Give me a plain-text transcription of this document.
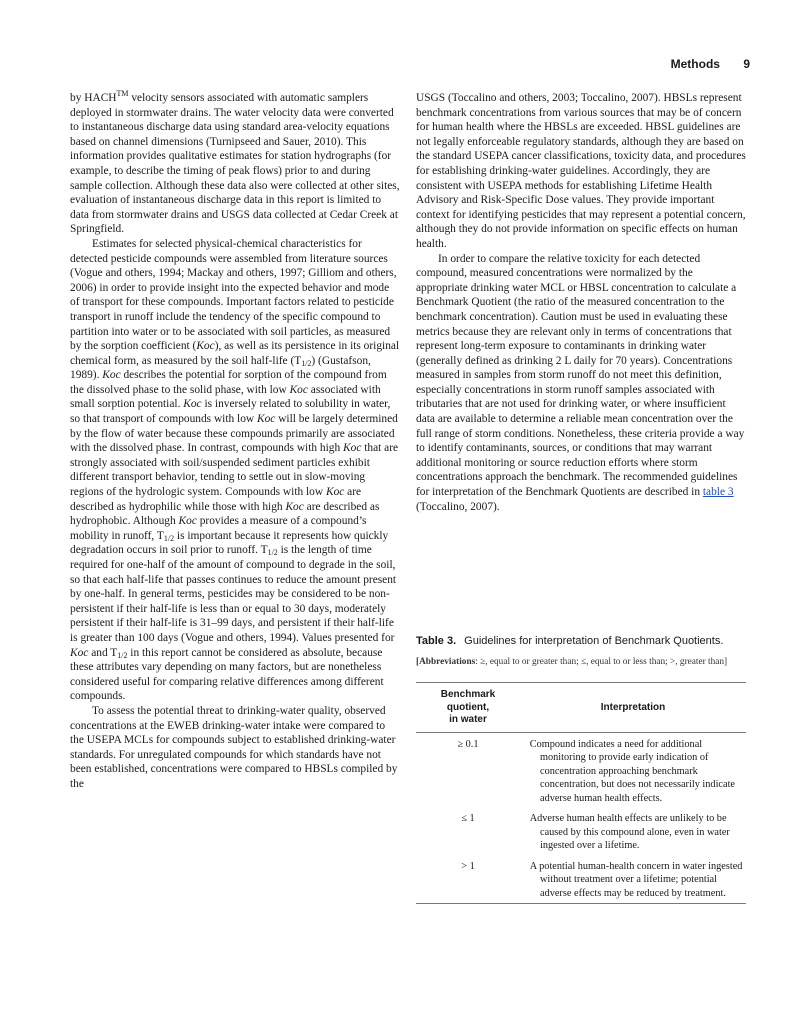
Methods 9

by HACH™ velocity sensors associated with automatic samplers deployed in stormwater drains. The water velocity data were converted to instantaneous discharge data using standard area-velocity equations based on channel dimensions (Turnipseed and Sauer, 2010). This information provides qualitative estimates for station hydrographs (for example, to describe the timing of peak flows) prior to and during sample collection. Although these data also were collected at other sites, evaluation of instantaneous discharge data in this report is limited to data from stormwater drains and USGS data collected at Cedar Creek at Springfield.

Estimates for selected physical-chemical characteristics for detected pesticide compounds were assembled from literature sources (Vogue and others, 1994; Mackay and others, 1997; Gilliom and others, 2006) in order to provide insight into the expected behavior and mode of transport for these compounds. Important factors related to pesticide transport in runoff include the tendency of the specific compound to partition into water or to be associated with soil particles, as measured by the sorption coefficient (Koc), as well as its persistence in its original chemical form, as measured by the soil half-life $(T_{1/2})$ (Gustafson, 1989). Koc describes the potential for sorption of the compound from the dissolved phase to the solid phase, with low Koc associated with small sorption potential. Koc is inversely related to solubility in water, so that transport of compounds with low Koc will be largely determined by the flow of water because these compounds primarily are associated with the dissolved phase. In contrast, compounds with high Koc that are strongly associated with soil/suspended sediment particles exhibit different transport behavior, tending to settle out in slow-moving regions of the hydrologic system. Compounds with low Koc are described as hydrophilic while those with high Koc are described as hydrophobic. Although Koc provides a measure of a compound’s mobility in runoff, $T_{1/2}$ is important because it represents how quickly degradation occurs in soil prior to runoff. $T_{1/2}$ is the length of time required for one-half of the amount of compound to degrade in the soil, so that each half-life that passes continues to reduce the amount present by one-half. In general terms, pesticides may be considered to be non-persistent if their half-life is less than or equal to 30 days, moderately persistent if their half-life is 31–99 days, and persistent if their half-life is greater than 100 days (Vogue and others, 1994). Values presented for Koc and $T_{1/2}$ in this report cannot be considered as absolute, because these attributes vary depending on many factors, but are nonetheless considered useful for comparing relative differences among different compounds.

To assess the potential threat to drinking-water quality, observed concentrations at the EWEB drinking-water intake were compared to the USEPA MCLs for compounds subject to established drinking-water standards. For unregulated compounds for which standards have not been established, concentrations were compared to HBSLs compiled by the

USGS (Toccalino and others, 2003; Toccalino, 2007). HBSLs represent benchmark concentrations from various sources that may be of concern for human health where the HBSLs are exceeded. HBSL guidelines are not legally enforceable regulatory standards, although they are based on the standard USEPA cancer classifications, toxicity data, and procedures for establishing drinking-water guidelines. Accordingly, they are consistent with USEPA methods for establishing Lifetime Health Advisory and Risk-Specific Dose values. They provide important context for identifying pesticides that may represent a potential concern, although they do not provide information on specific effects on human health.

In order to compare the relative toxicity for each detected compound, measured concentrations were normalized by the appropriate drinking water MCL or HBSL concentration to calculate a Benchmark Quotient (the ratio of the measured concentration to the benchmark concentration). Caution must be used in evaluating these metrics because they are relevant only in terms of concentrations that represent long-term exposure to contaminants in drinking water (generally defined as drinking 2 L daily for 70 years). Concentrations measured in samples from storm runoff do not meet this definition, especially concentrations in storm runoff samples associated with tributaries that are not used for drinking water, or where insufficient data are available to determine a reliable mean concentration over the full range of storm conditions. Nonetheless, these criteria provide a way to identify contaminants, sources, or conditions that may warrant additional monitoring or source reduction efforts where storm concentrations approach the benchmark. The recommended guidelines for interpretation of the Benchmark Quotients are described in table 3 (Toccalino, 2007).

Table 3. Guidelines for interpretation of Benchmark Quotients.
[Abbreviations: ≥, equal to or greater than; ≤, equal to or less than; >, greater than]
Benchmark
quotient,
in water	Interpretation
≥ 0.1	Compound indicates a need for additional monitoring to provide early indication of concentration approaching benchmark concentration, but does not necessarily indicate adverse human health effects.
≤ 1	Adverse human health effects are unlikely to be caused by this compound alone, even in water ingested over a lifetime.
> 1	A potential human-health concern in water ingested without treatment over a lifetime; potential adverse effects may be reduced by treatment.
